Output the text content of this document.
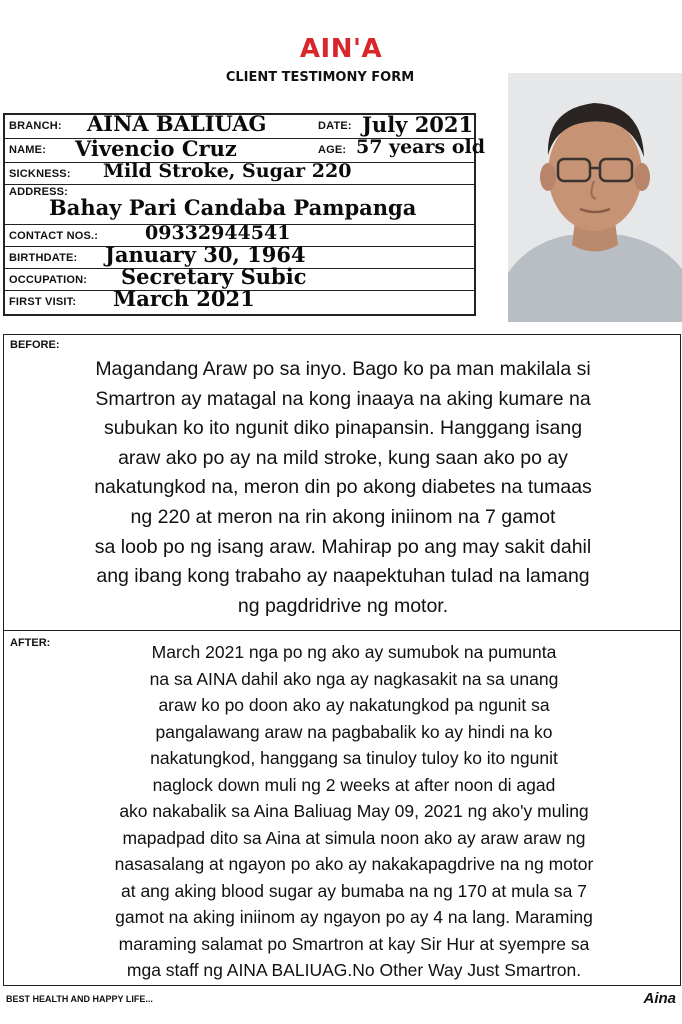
AIN'A
CLIENT TESTIMONY FORM
BRANCH: AINA BALIUAG	DATE: July 2021
NAME: Vivencio Cruz	AGE: 57 years old
SICKNESS: Mild Stroke, Sugar 220
ADDRESS:
Bahay Pari Candaba Pampanga
CONTACT NOS.: 09332944541
BIRTHDATE: January 30, 1964
OCCUPATION: Secretary Subic
FIRST VISIT: March 2021
BEFORE:
Magandang Araw po sa inyo. Bago ko pa man makilala si
Smartron ay matagal na kong inaaya na aking kumare na
subukan ko ito ngunit diko pinapansin. Hanggang isang
araw ako po ay na mild stroke, kung saan ako po ay
nakatungkod na, meron din po akong diabetes na tumaas
ng 220 at meron na rin akong iniinom na 7 gamot
sa loob po ng isang araw. Mahirap po ang may sakit dahil
ang ibang kong trabaho ay naapektuhan tulad na lamang
ng pagdridrive ng motor.
AFTER:	March 2021 nga po ng ako ay sumubok na pumunta
na sa AINA dahil ako nga ay nagkasakit na sa unang
araw ko po doon ako ay nakatungkod pa ngunit sa
pangalawang araw na pagbabalik ko ay hindi na ko
nakatungkod, hanggang sa tinuloy tuloy ko ito ngunit
naglock down muli ng 2 weeks at after noon di agad
ako nakabalik sa Aina Baliuag May 09, 2021 ng ako'y muling
mapadpad dito sa Aina at simula noon ako ay araw araw ng
nasasalang at ngayon po ako ay nakakapagdrive na ng motor
at ang aking blood sugar ay bumaba na ng 170 at mula sa 7
gamot na aking iniinom ay ngayon po ay 4 na lang. Maraming
maraming salamat po Smartron at kay Sir Hur at syempre sa
mga staff ng AINA BALIUAG.No Other Way Just Smartron.
BEST HEALTH AND HAPPY LIFE...	Aina
